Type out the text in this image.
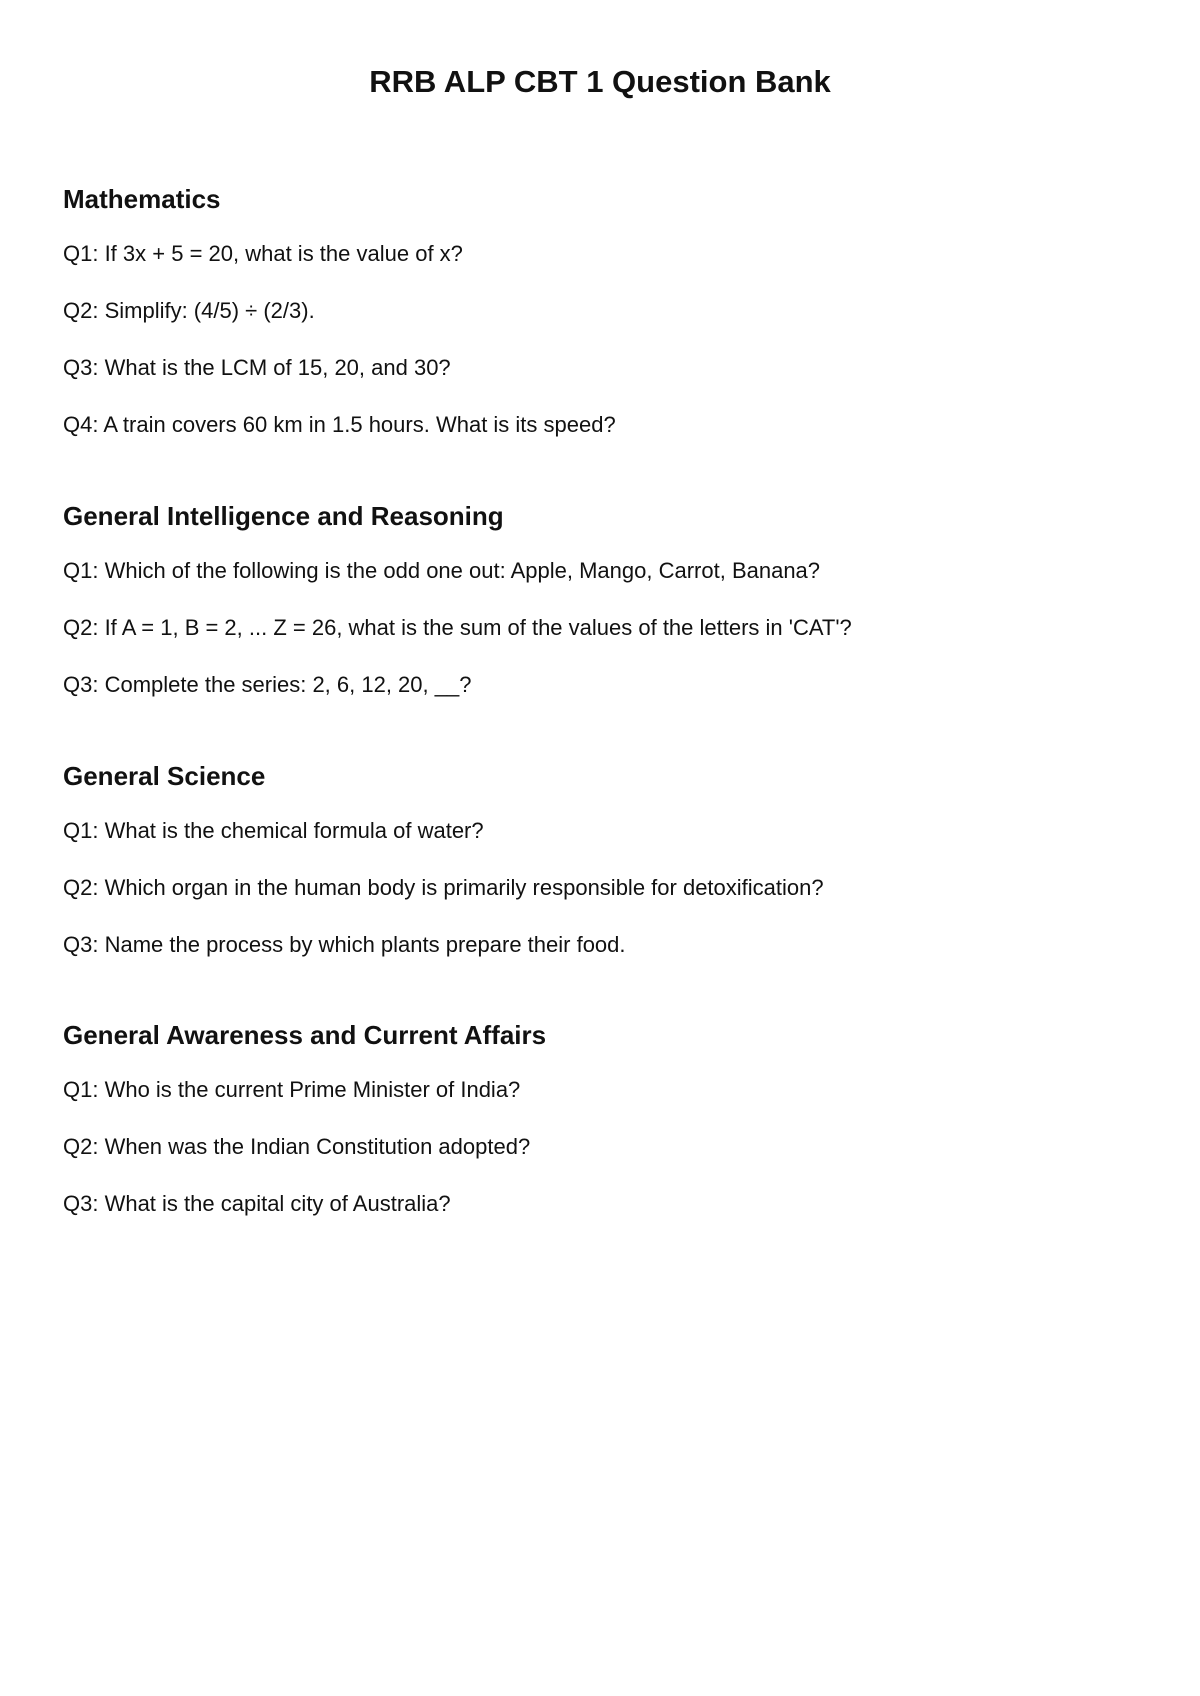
RRB ALP CBT 1 Question Bank
Mathematics

Q1: If 3x + 5 = 20, what is the value of x?

Q2: Simplify: (4/5) ÷ (2/3).

Q3: What is the LCM of 15, 20, and 30?

Q4: A train covers 60 km in 1.5 hours. What is its speed?

General Intelligence and Reasoning

Q1: Which of the following is the odd one out: Apple, Mango, Carrot, Banana?

Q2: If A = 1, B = 2, ... Z = 26, what is the sum of the values of the letters in 'CAT'?

Q3: Complete the series: 2, 6, 12, 20, __?

General Science

Q1: What is the chemical formula of water?

Q2: Which organ in the human body is primarily responsible for detoxification?

Q3: Name the process by which plants prepare their food.

General Awareness and Current Affairs

Q1: Who is the current Prime Minister of India?

Q2: When was the Indian Constitution adopted?

Q3: What is the capital city of Australia?
